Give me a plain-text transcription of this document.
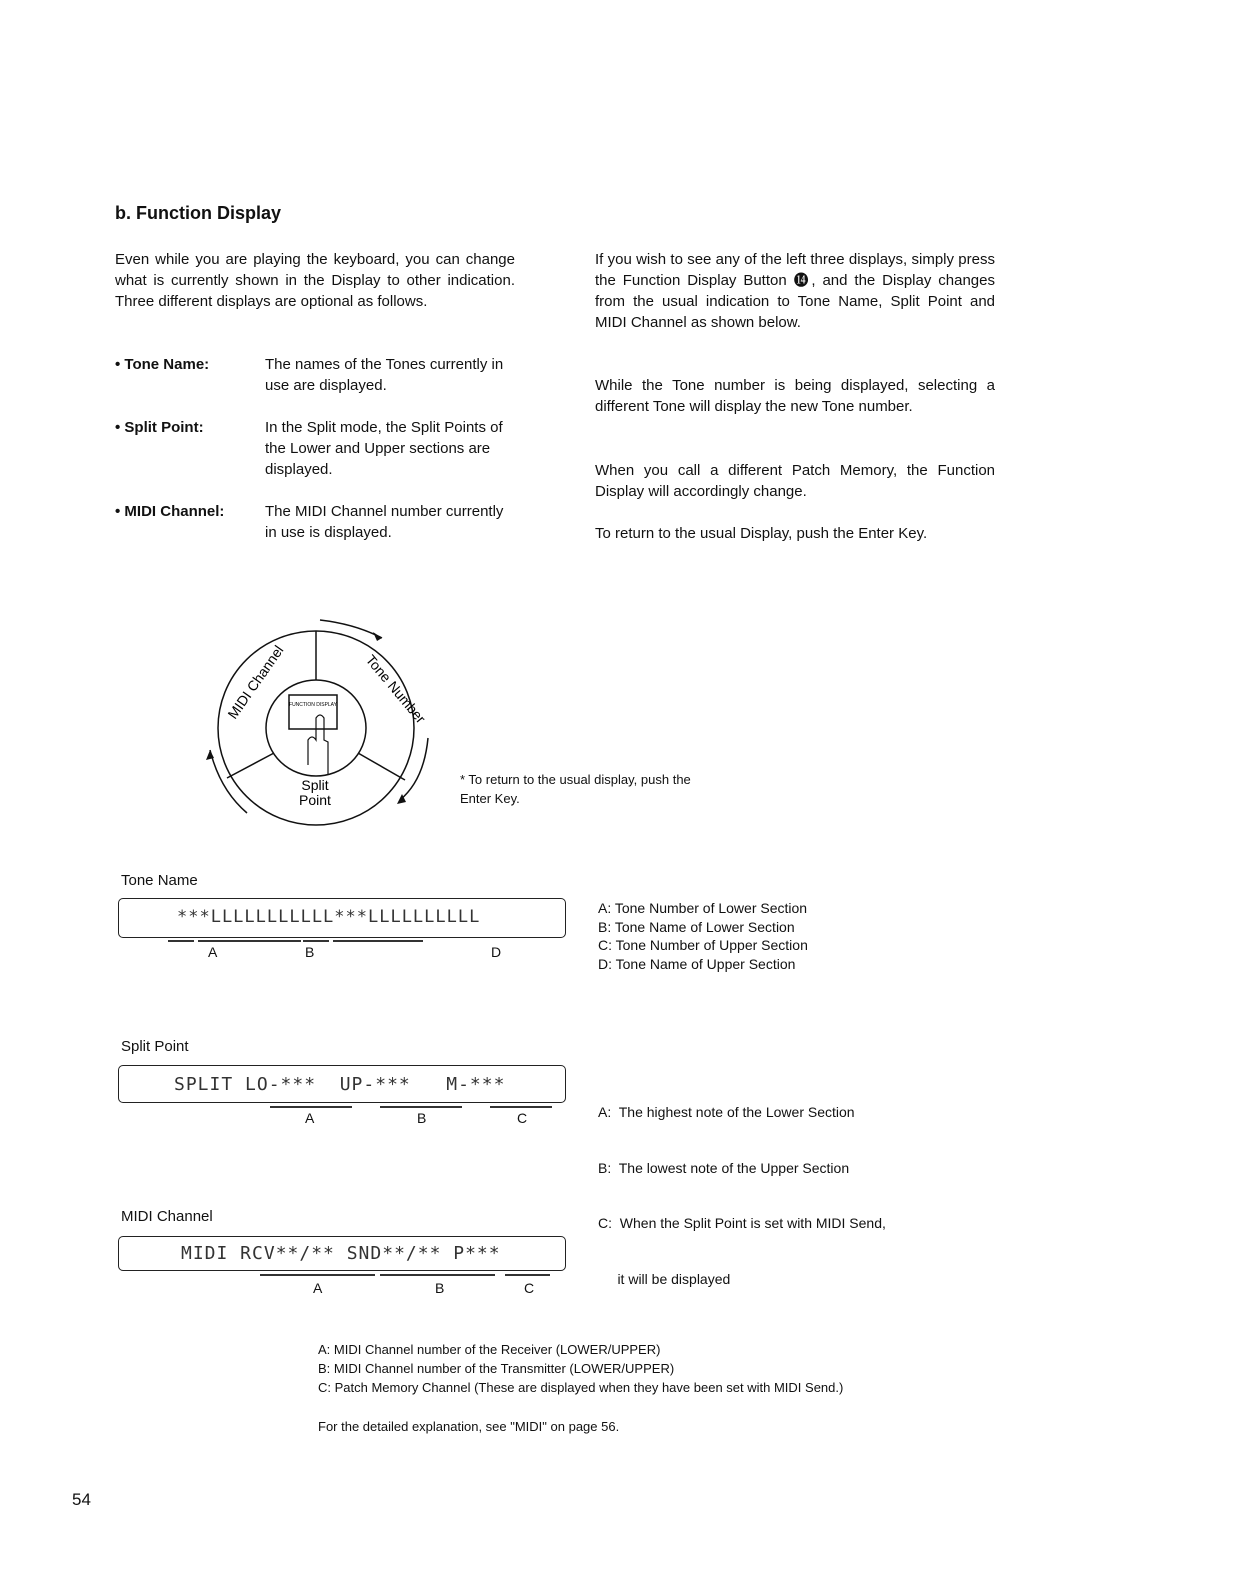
b. Function Display
Even while you are playing the keyboard, you can change what is currently shown in the Display to other indication. Three different displays are optional as follows.
• Tone Name:	The names of the Tones currently in use are displayed.
• Split Point:	In the Split mode, the Split Points of the Lower and Upper sections are displayed.
• MIDI Channel:	The MIDI Channel number currently in use is displayed.
If you wish to see any of the left three displays, simply press the Function Display Button ⓮, and the Display changes from the usual indication to Tone Name, Split Point and MIDI Channel as shown below.
While the Tone number is being displayed, selecting a different Tone will display the new Tone number.
When you call a different Patch Memory, the Function Display will accordingly change.
To return to the usual Display, push the Enter Key.
FUNCTION DISPLAY Tone Number
MIDI Channel
Split
Point
* To return to the usual display, push the Enter Key.
Tone Name
***LLLLLLLLLLL***LLLLLLLLLL
A	B	D
A: Tone Number of Lower Section
B: Tone Name of Lower Section
C: Tone Number of Upper Section
D: Tone Name of Upper Section
Split Point
SPLIT LO-***  UP-***   M-***
A	B	C

	A:  The highest note of the Lower Section

B:  The lowest note of the Upper Section

C:  When the Split Point is set with MIDI Send,

it will be displayed

MIDI Channel
MIDI RCV**/** SND**/** P***
A	B	C
A: MIDI Channel number of the Receiver (LOWER/UPPER)
B: MIDI Channel number of the Transmitter (LOWER/UPPER)
C: Patch Memory Channel (These are displayed when they have been set with MIDI Send.)
For the detailed explanation, see "MIDI" on page 56.
54
